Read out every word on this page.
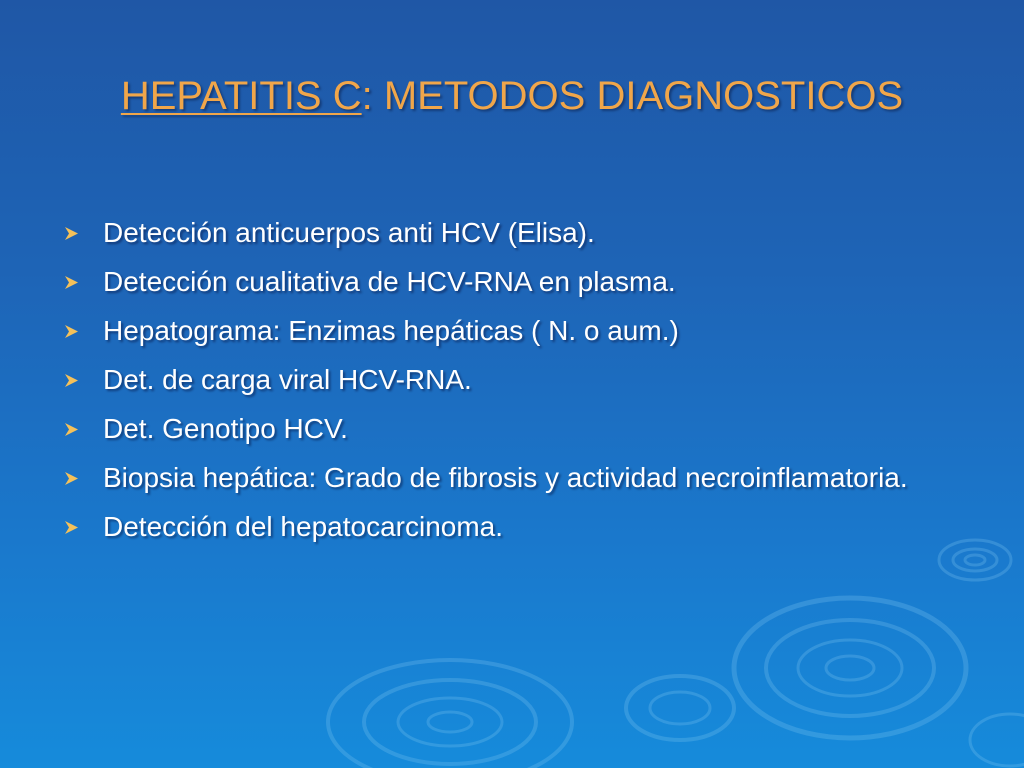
HEPATITIS C: METODOS DIAGNOSTICOS
Detección anticuerpos anti HCV (Elisa).
Detección cualitativa de HCV-RNA en plasma.
Hepatograma: Enzimas hepáticas ( N. o aum.)
Det. de carga viral HCV-RNA.
Det. Genotipo HCV.
Biopsia hepática: Grado de fibrosis y actividad necroinflamatoria.
Detección del hepatocarcinoma.
